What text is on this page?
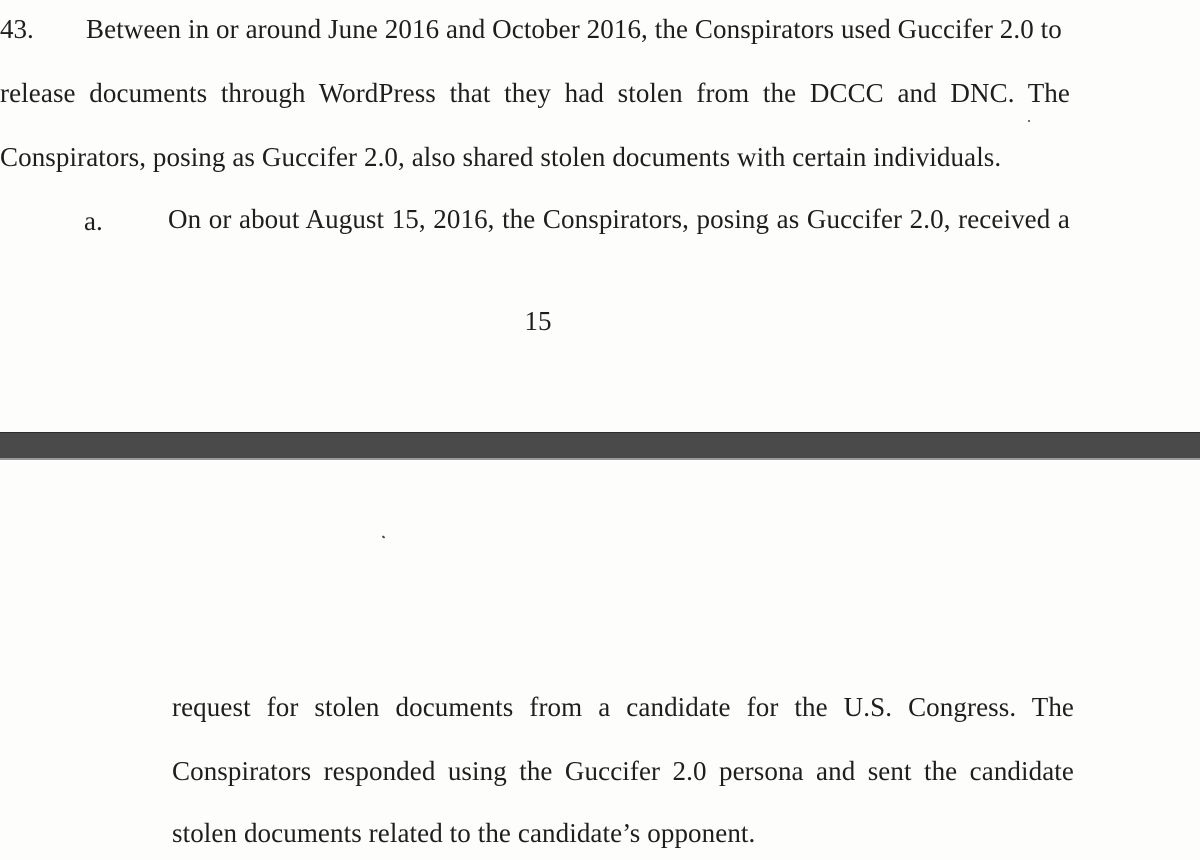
43. Between in or around June 2016 and October 2016, the Conspirators used Guccifer 2.0 to
release documents through WordPress that they had stolen from the DCCC and DNC. The
Conspirators, posing as Guccifer 2.0, also shared stolen documents with certain individuals.
a. On or about August 15, 2016, the Conspirators, posing as Guccifer 2.0, received a
15
request for stolen documents from a candidate for the U.S. Congress. The
Conspirators responded using the Guccifer 2.0 persona and sent the candidate
stolen documents related to the candidate’s opponent.
